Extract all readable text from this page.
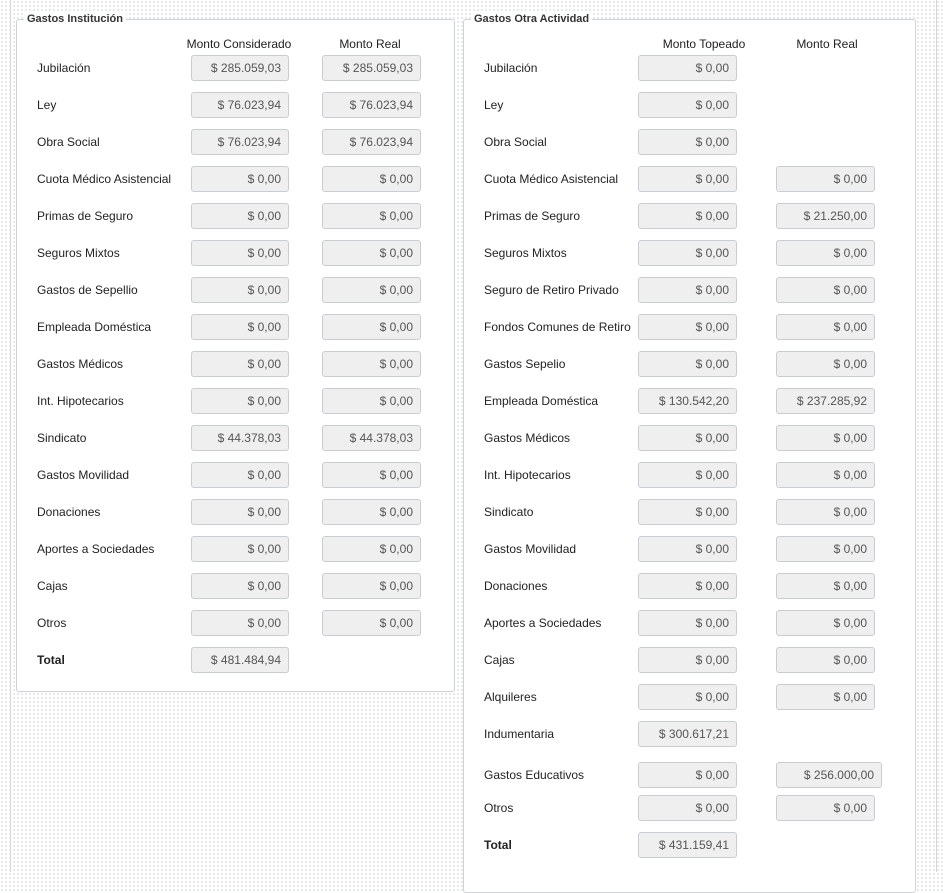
Gastos Institución
Monto Considerado	Monto Real
Jubilación	$ 285.059,03	$ 285.059,03
Ley	$ 76.023,94	$ 76.023,94
Obra Social	$ 76.023,94	$ 76.023,94
Cuota Médico Asistencial	$ 0,00	$ 0,00
Primas de Seguro	$ 0,00	$ 0,00
Seguros Mixtos	$ 0,00	$ 0,00
Gastos de Sepellio	$ 0,00	$ 0,00
Empleada Doméstica	$ 0,00	$ 0,00
Gastos Médicos	$ 0,00	$ 0,00
Int. Hipotecarios	$ 0,00	$ 0,00
Sindicato	$ 44.378,03	$ 44.378,03
Gastos Movilidad	$ 0,00	$ 0,00
Donaciones	$ 0,00	$ 0,00
Aportes a Sociedades	$ 0,00	$ 0,00
Cajas	$ 0,00	$ 0,00
Otros	$ 0,00	$ 0,00
Total	$ 481.484,94
Gastos Otra Actividad
Monto Topeado	Monto Real
Jubilación	$ 0,00
Ley	$ 0,00
Obra Social	$ 0,00
Cuota Médico Asistencial	$ 0,00	$ 0,00
Primas de Seguro	$ 0,00	$ 21.250,00
Seguros Mixtos	$ 0,00	$ 0,00
Seguro de Retiro Privado	$ 0,00	$ 0,00
Fondos Comunes de Retiro	$ 0,00	$ 0,00
Gastos Sepelio	$ 0,00	$ 0,00
Empleada Doméstica	$ 130.542,20	$ 237.285,92
Gastos Médicos	$ 0,00	$ 0,00
Int. Hipotecarios	$ 0,00	$ 0,00
Sindicato	$ 0,00	$ 0,00
Gastos Movilidad	$ 0,00	$ 0,00
Donaciones	$ 0,00	$ 0,00
Aportes a Sociedades	$ 0,00	$ 0,00
Cajas	$ 0,00	$ 0,00
Alquileres	$ 0,00	$ 0,00
Indumentaria	$ 300.617,21
Gastos Educativos	$ 0,00	$ 256.000,00
Otros	$ 0,00	$ 0,00
Total	$ 431.159,41
